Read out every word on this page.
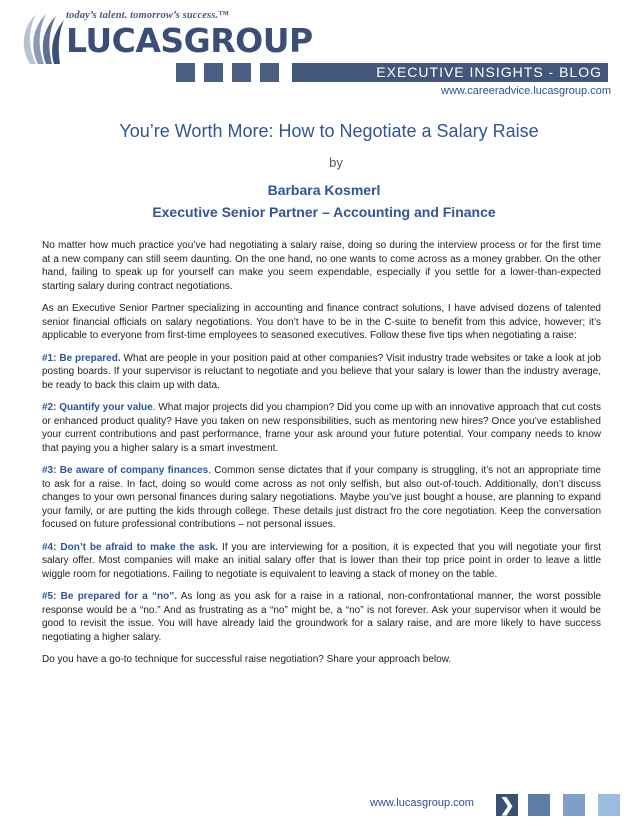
today’s talent. tomorrow’s success.™
LUCASGROUP
EXECUTIVE INSIGHTS - BLOG
www.careeradvice.lucasgroup.com
You’re Worth More: How to Negotiate a Salary Raise
by
Barbara Kosmerl
Executive Senior Partner – Accounting and Finance

No matter how much practice you’ve had negotiating a salary raise, doing so during the interview process or for the first time at a new company can still seem daunting. On the one hand, no one wants to come across as a money grabber. On the other hand, failing to speak up for yourself can make you seem expendable, especially if you settle for a lower-than-expected starting salary during contract negotiations.

As an Executive Senior Partner specializing in accounting and finance contract solutions, I have advised dozens of talented senior financial officials on salary negotiations. You don’t have to be in the C-suite to benefit from this advice, however; it’s applicable to everyone from first-time employees to seasoned executives. Follow these five tips when negotiating a raise:

#1: Be prepared. What are people in your position paid at other companies? Visit industry trade websites or take a look at job posting boards. If your supervisor is reluctant to negotiate and you believe that your salary is lower than the industry average, be ready to back this claim up with data.

#2: Quantify your value. What major projects did you champion? Did you come up with an innovative approach that cut costs or enhanced product quality? Have you taken on new responsibilities, such as mentoring new hires? Once you’ve established your current contributions and past performance, frame your ask around your future potential. Your company needs to know that paying you a higher salary is a smart investment.

#3: Be aware of company finances. Common sense dictates that if your company is struggling, it’s not an appropriate time to ask for a raise. In fact, doing so would come across as not only selfish, but also out-of-touch. Additionally, don’t discuss changes to your own personal finances during salary negotiations. Maybe you’ve just bought a house, are planning to expand your family, or are putting the kids through college. These details just distract fro the core negotiation. Keep the conversation focused on future professional contributions – not personal issues.

#4: Don’t be afraid to make the ask. If you are interviewing for a position, it is expected that you will negotiate your first salary offer. Most companies will make an initial salary offer that is lower than their top price point in order to leave a little wiggle room for negotiations. Failing to negotiate is equivalent to leaving a stack of money on the table.

#5: Be prepared for a “no”. As long as you ask for a raise in a rational, non-confrontational manner, the worst possible response would be a “no.” And as frustrating as a “no” might be, a “no” is not forever. Ask your supervisor when it would be good to revisit the issue. You will have already laid the groundwork for a salary raise, and are more likely to have success negotiating a higher salary.

Do you have a go-to technique for successful raise negotiation? Share your approach below.

www.lucasgroup.com ❯
